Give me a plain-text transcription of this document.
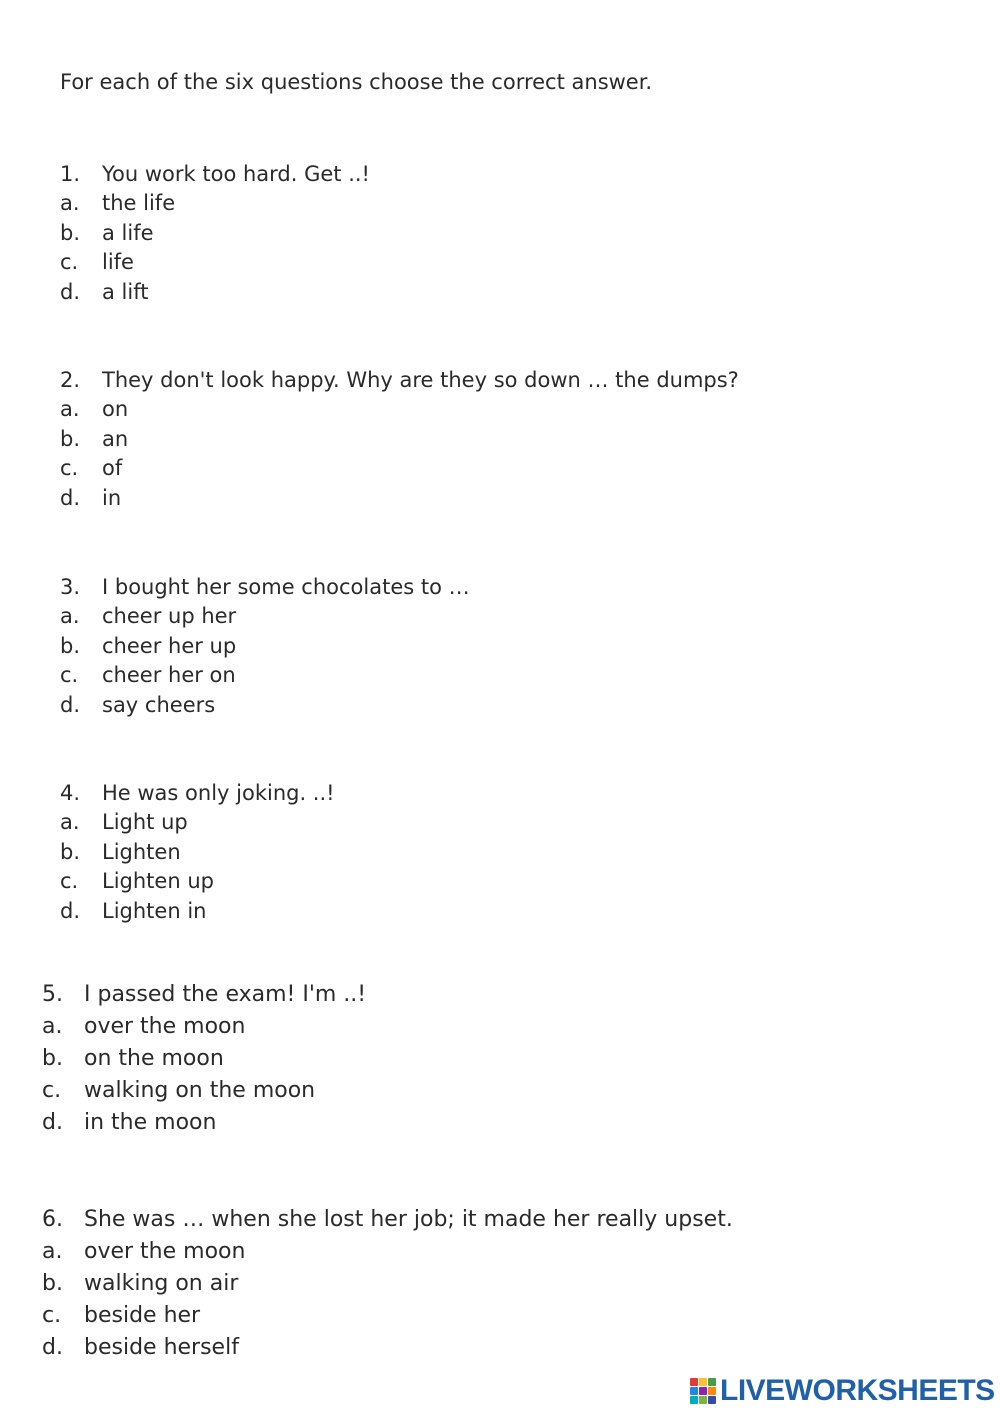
For each of the six questions choose the correct answer.
1.	You work too hard. Get ..!
a.	the life
b.	a life
c.	life
d.	a lift
2.	They don't look happy. Why are they so down … the dumps?
a.	on
b.	an
c.	of
d.	in
3.	I bought her some chocolates to …
a.	cheer up her
b.	cheer her up
c.	cheer her on
d.	say cheers
4.	He was only joking. ..!
a.	Light up
b.	Lighten
c.	Lighten up
d.	Lighten in
5. I passed the exam! I'm ..!
a. over the moon
b. on the moon
c.	walking on the moon
d. in the moon
6. She was … when she lost her job; it made her really upset.
a. over the moon
b. walking on air
c.	beside her
d. beside herself
LIVEWORKSHEETS
